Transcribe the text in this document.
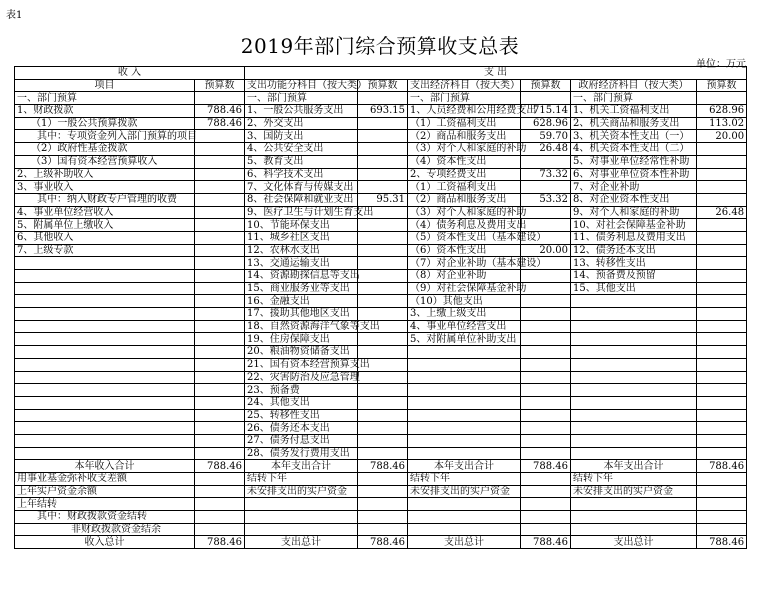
表1
2019年部门综合预算收支总表
单位：万元
收 入		支 出					
项目	预算数	支出功能分科目（按大类）	预算数	支出经济科目（按大类）	预算数	政府经济科目（按大类）	预算数
一、部门预算		一、部门预算		一、部门预算		一、部门预算	
1、财政拨款	788.46	1、一般公共服务支出	693.15	1、人员经费和公用经费支出	715.14	1、机关工资福利支出	628.96
（1）一般公共预算拨款	788.46	2、外交支出		（1）工资福利支出	628.96	2、机关商品和服务支出	113.02
其中：专项资金列入部门预算的项目		3、国防支出		（2）商品和服务支出	59.70	3、机关资本性支出（一）	20.00
（2）政府性基金拨款		4、公共安全支出		（3）对个人和家庭的补助	26.48	4、机关资本性支出（二）	
（3）国有资本经营预算收入		5、教育支出		（4）资本性支出		5、对事业单位经常性补助	
2、上级补助收入		6、科学技术支出		2、专项经费支出	73.32	6、对事业单位资本性补助	
3、事业收入		7、文化体育与传媒支出		（1）工资福利支出		7、对企业补助	
其中：纳入财政专户管理的收费		8、社会保障和就业支出	95.31	（2）商品和服务支出	53.32	8、对企业资本性支出	
4、事业单位经营收入		9、医疗卫生与计划生育支出		（3）对个人和家庭的补助		9、对个人和家庭的补助	26.48
5、附属单位上缴收入		10、节能环保支出		（4）债务利息及费用支出		10、对社会保障基金补助	
6、其他收入		11、城乡社区支出		（5）资本性支出（基本建设）		11、债务利息及费用支出	
7、上级专款		12、农林水支出		（6）资本性支出	20.00	12、债务还本支出	
		13、交通运输支出		（7）对企业补助（基本建设）		13、转移性支出	
		14、资源勘探信息等支出		（8）对企业补助		14、预备费及预留	
		15、商业服务业等支出		（9）对社会保障基金补助		15、其他支出	
		16、金融支出		（10）其他支出			
		17、援助其他地区支出		3、上缴上级支出			
		18、自然资源海洋气象等支出		4、事业单位经营支出			
		19、住房保障支出		5、对附属单位补助支出			
		20、粮油物资储备支出					
		21、国有资本经营预算支出					
		22、灾害防治及应急管理					
		23、预备费					
		24、其他支出					
		25、转移性支出					
		26、债务还本支出					
		27、债务付息支出					
		28、债务发行费用支出					
本年收入合计	788.46	本年支出合计	788.46	本年支出合计	788.46	本年支出合计	788.46
用事业基金弥补收支差额		结转下年		结转下年		结转下年	
上年实户资金余额		未安排支出的实户资金		未安排支出的实户资金		未安排支出的实户资金	
上年结转							
其中：财政拨款资金结转							
非财政拨款资金结余							
收入总计	788.46	支出总计	788.46	支出总计	788.46	支出总计	788.46
